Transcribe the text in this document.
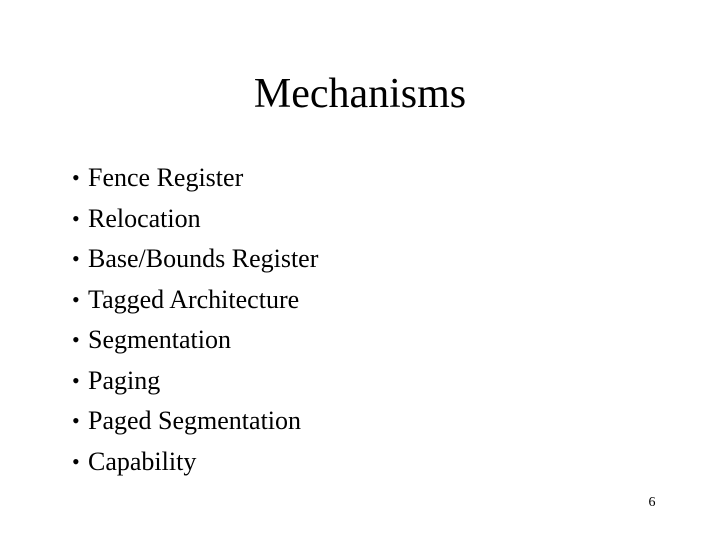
Mechanisms
• Fence Register
• Relocation
• Base/Bounds Register
• Tagged Architecture
• Segmentation
• Paging
• Paged Segmentation
• Capability
6
